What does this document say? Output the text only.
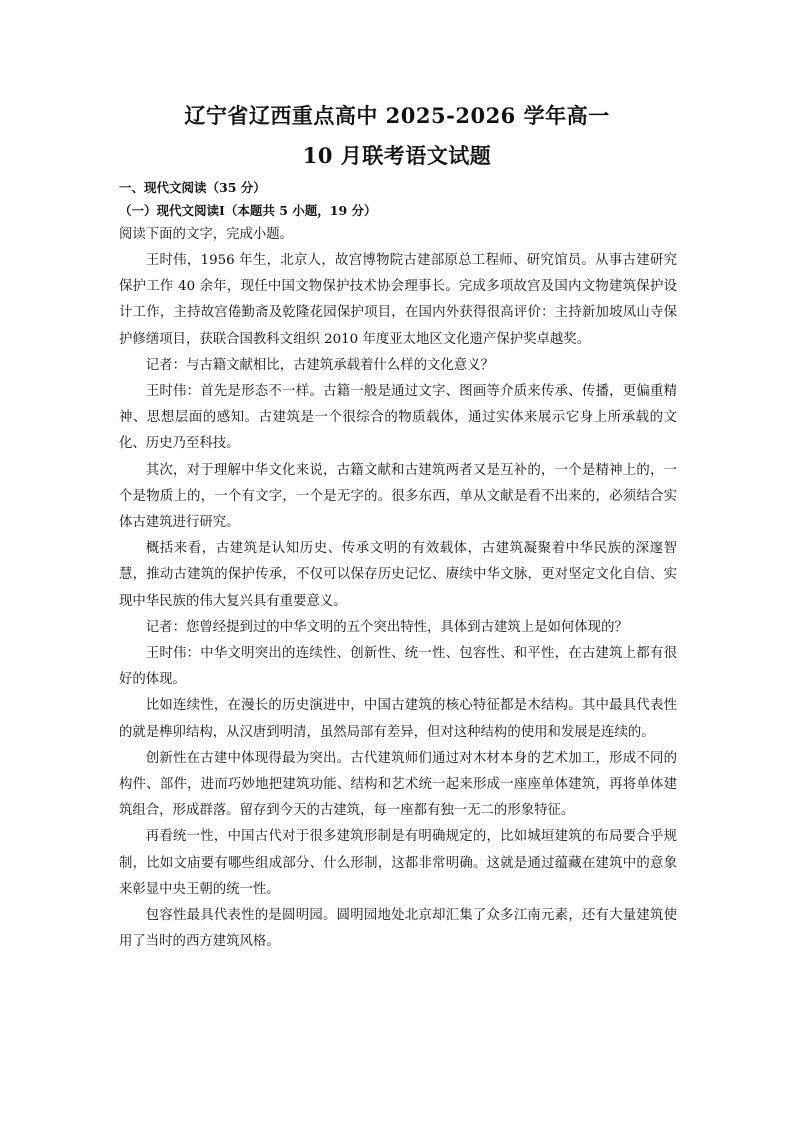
辽宁省辽西重点高中 2025-2026 学年高一
10 月联考语文试题

一、现代文阅读（35 分）

（一）现代文阅读Ⅰ（本题共 5 小题，19 分）

阅读下面的文字，完成小题。

王时伟，1956 年生，北京人，故宫博物院古建部原总工程师、研究馆员。从事古建研究保护工作 40 余年，现任中国文物保护技术协会理事长。完成多项故宫及国内文物建筑保护设计工作，主持故宫倦勤斋及乾隆花园保护项目，在国内外获得很高评价：主持新加坡凤山寺保护修缮项目，获联合国教科文组织 2010 年度亚太地区文化遗产保护奖卓越奖。

记者：与古籍文献相比，古建筑承载着什么样的文化意义？

王时伟：首先是形态不一样。古籍一般是通过文字、图画等介质来传承、传播，更偏重精神、思想层面的感知。古建筑是一个很综合的物质载体，通过实体来展示它身上所承载的文化、历史乃至科技。

其次，对于理解中华文化来说，古籍文献和古建筑两者又是互补的，一个是精神上的，一个是物质上的，一个有文字，一个是无字的。很多东西，单从文献是看不出来的，必须结合实体古建筑进行研究。

概括来看，古建筑是认知历史、传承文明的有效载体，古建筑凝聚着中华民族的深邃智慧，推动古建筑的保护传承，不仅可以保存历史记忆、赓续中华文脉，更对坚定文化自信、实现中华民族的伟大复兴具有重要意义。

记者：您曾经提到过的中华文明的五个突出特性，具体到古建筑上是如何体现的？

王时伟：中华文明突出的连续性、创新性、统一性、包容性、和平性，在古建筑上都有很好的体现。

比如连续性，在漫长的历史演进中，中国古建筑的核心特征都是木结构。其中最具代表性的就是榫卯结构，从汉唐到明清，虽然局部有差异，但对这种结构的使用和发展是连续的。

创新性在古建中体现得最为突出。古代建筑师们通过对木材本身的艺术加工，形成不同的构件、部件，进而巧妙地把建筑功能、结构和艺术统一起来形成一座座单体建筑，再将单体建筑组合，形成群落。留存到今天的古建筑，每一座都有独一无二的形象特征。

再看统一性，中国古代对于很多建筑形制是有明确规定的，比如城垣建筑的布局要合乎规制，比如文庙要有哪些组成部分、什么形制，这都非常明确。这就是通过蕴藏在建筑中的意象来彰显中央王朝的统一性。

包容性最具代表性的是圆明园。圆明园地处北京却汇集了众多江南元素，还有大量建筑使用了当时的西方建筑风格。
